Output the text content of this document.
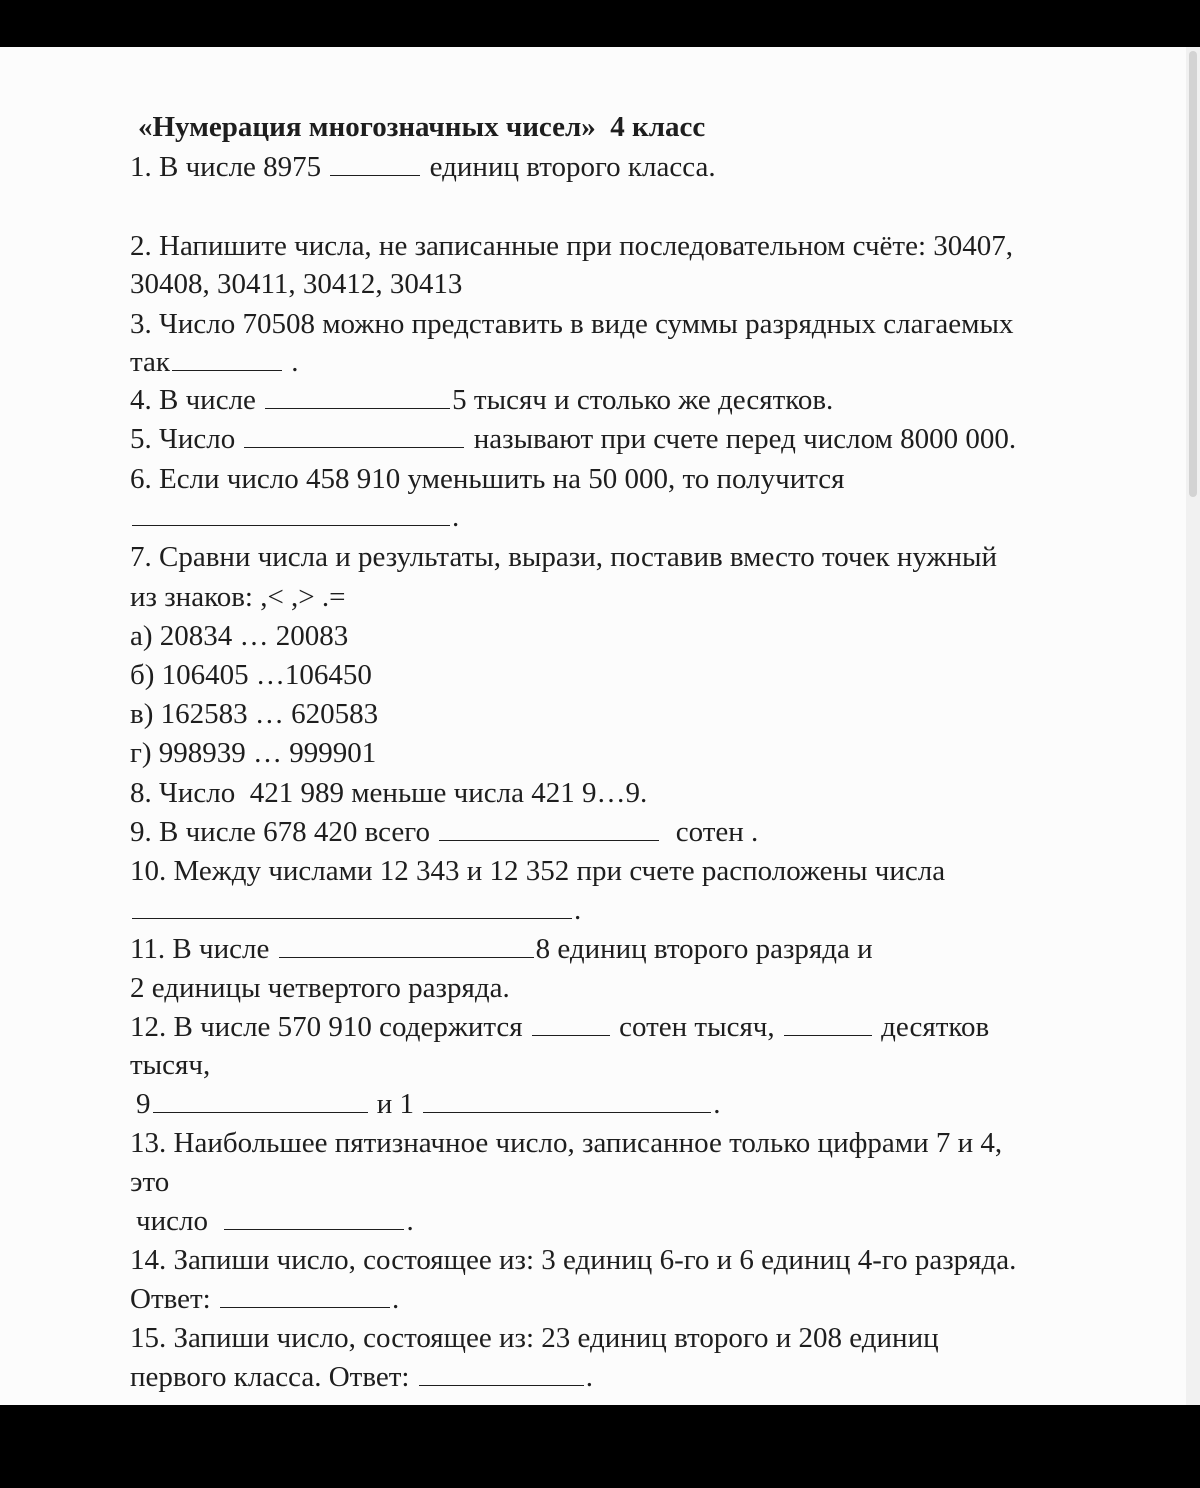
«Нумерация многозначных чисел»  4 класс
1. В числе 8975	единиц второго класса.
2. Напишите числа, не записанные при последовательном счёте: 30407,
30408, 30411, 30412, 30413
3. Число 70508 можно представить в виде суммы разрядных слагаемых
так	.
4. В числе	5 тысяч и столько же десятков.
5. Число	называют при счете перед числом 8000 000.
6. Если число 458 910 уменьшить на 50 000, то получится
.
7. Сравни числа и результаты, вырази, поставив вместо точек нужный
из знаков: ,< ,> .=
а) 20834 … 20083
б) 106405 …106450
в) 162583 … 620583
г) 998939 … 999901
8. Число  421 989 меньше числа 421 9…9.
9. В числе 678 420 всего	сотен .
10. Между числами 12 343 и 12 352 при счете расположены числа
.
11. В числе	8 единиц второго разряда и
2 единицы четвертого разряда.
12. В числе 570 910 содержится	сотен тысяч,	десятков
тысяч,
9	и 1	.
13. Наибольшее пятизначное число, записанное только цифрами 7 и 4,
это
число	.
14. Запиши число, состоящее из: 3 единиц 6-го и 6 единиц 4-го разряда.
Ответ:	.
15. Запиши число, состоящее из: 23 единиц второго и 208 единиц
первого класса. Ответ:	.
